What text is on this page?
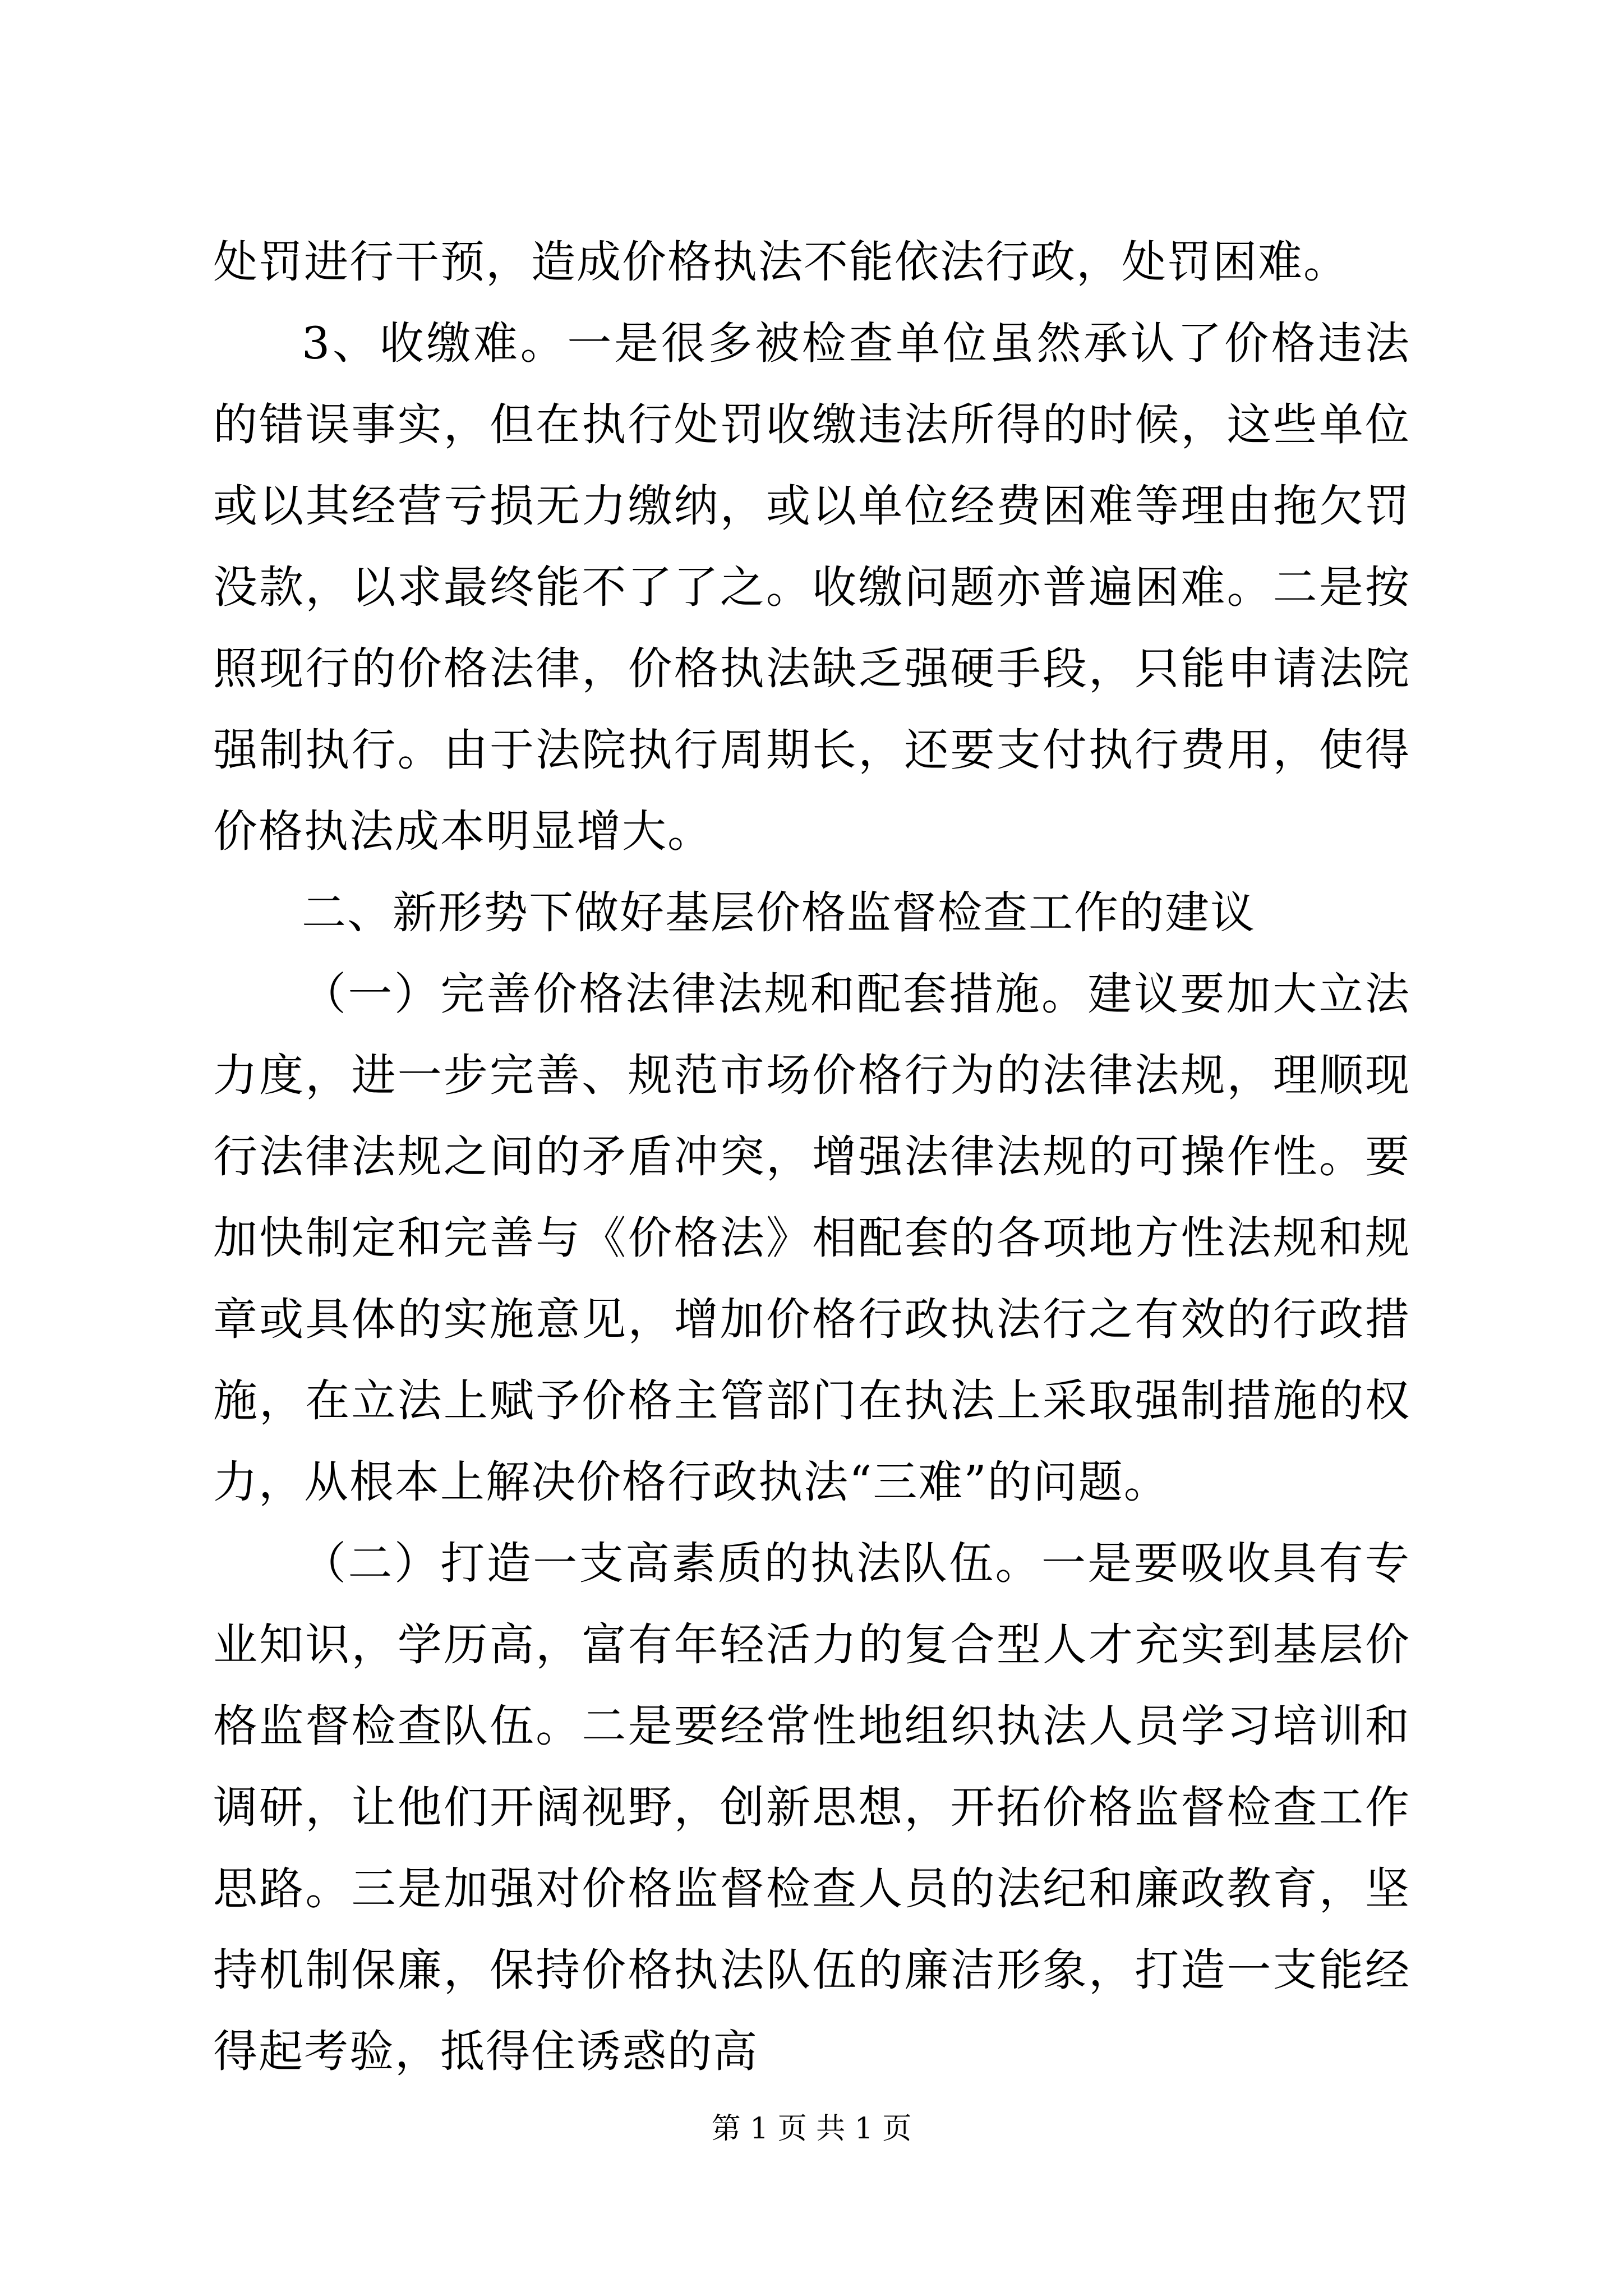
处罚进行干预，造成价格执法不能依法行政，处罚困难。

3、收缴难。一是很多被检查单位虽然承认了价格违法的错误事实，但在执行处罚收缴违法所得的时候，这些单位或以其经营亏损无力缴纳，或以单位经费困难等理由拖欠罚没款，以求最终能不了了之。收缴问题亦普遍困难。二是按照现行的价格法律，价格执法缺乏强硬手段，只能申请法院强制执行。由于法院执行周期长，还要支付执行费用，使得价格执法成本明显增大。

二、新形势下做好基层价格监督检查工作的建议

（一）完善价格法律法规和配套措施。建议要加大立法力度，进一步完善、规范市场价格行为的法律法规，理顺现行法律法规之间的矛盾冲突，增强法律法规的可操作性。要加快制定和完善与《价格法》相配套的各项地方性法规和规章或具体的实施意见，增加价格行政执法行之有效的行政措施，在立法上赋予价格主管部门在执法上采取强制措施的权力，从根本上解决价格行政执法“三难”的问题。

（二）打造一支高素质的执法队伍。一是要吸收具有专业知识，学历高，富有年轻活力的复合型人才充实到基层价格监督检查队伍。二是要经常性地组织执法人员学习培训和调研，让他们开阔视野，创新思想，开拓价格监督检查工作思路。三是加强对价格监督检查人员的法纪和廉政教育，坚持机制保廉，保持价格执法队伍的廉洁形象，打造一支能经得起考验，抵得住诱惑的高

第 1 页 共 1 页
